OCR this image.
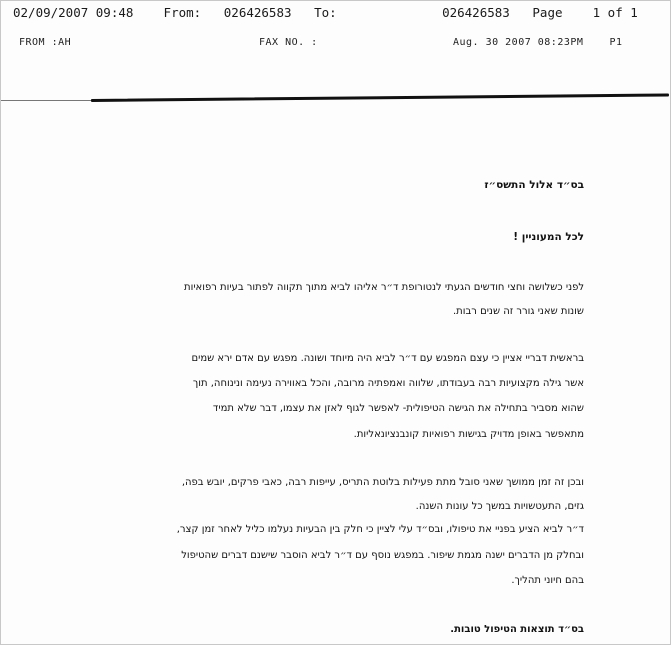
02/09/2007 09:48 From: 026426583 To:	026426583 Page 1 of 1
FROM :AH	FAX NO. :	Aug. 30 2007 08:23PM	P1
בס״ד אלול התשס״ז
לכל המעוניין !
לפני כשלושה וחצי חודשים הגעתי לנטורופת ד״ר אליהו לביא מתוך תקווה לפתור בעיות רפואיות
שונות שאני גורר זה שנים רבות.
בראשית דבריי אציין כי עצם המפגש עם ד״ר לביא היה מיוחד ושונה. מפגש עם אדם ירא שמים
אשר גילה מקצועיות רבה בעבודתו, שלווה ואמפתיה מרובה, והכל באווירה נעימה ונינוחה, תוך
שהוא מסביר בתחילה את הגישה הטיפולית- לאפשר לגוף לאזן את עצמו, דבר שלא תמיד
מתאפשר באופן מדויק בגישות רפואיות קונבנציונאליות.
ובכן זה זמן ממושך שאני סובל מתת פעילות בלוטת התריס, עייפות רבה, כאבי פרקים, יובש בפה,
גזים, התעטשויות במשך כל עונות השנה.
ד״ר לביא הציע בפניי את טיפולו, ובס״ד עלי לציין כי חלק בין הבעיות נעלמו כליל לאחר זמן קצר,
ובחלק מן הדברים ישנה מגמת שיפור. במפגש נוסף עם ד״ר לביא הוסבר שישנם דברים שהטיפול
בהם חיוני תהליך.
בס״ד תוצאות הטיפול טובות.
